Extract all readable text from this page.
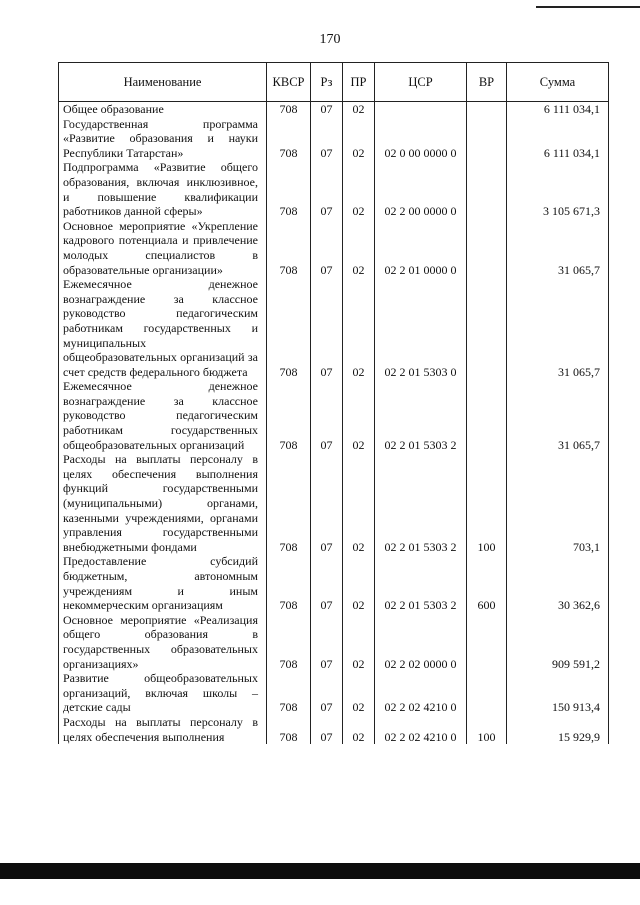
170
Наименование	КВСР	Рз	ПР	ЦСР	ВР	Сумма
Общее образование	708	07	02			6 111 034,1
Государственная программа «Развитие образования и науки Республики Татарстан»	708	07	02	02 0 00 0000 0		6 111 034,1
Подпрограмма «Развитие общего образования, включая инклюзивное, и повышение квалификации работников данной сферы»	708	07	02	02 2 00 0000 0		3 105 671,3
Основное мероприятие «Укрепление кадрового потенциала и привлечение молодых специалистов в образовательные организации»	708	07	02	02 2 01 0000 0		31 065,7
Ежемесячное денежное вознаграждение за классное руководство педагогическим работникам государственных и муниципальных общеобразовательных организаций за счет средств федерального бюджета	708	07	02	02 2 01 5303 0		31 065,7
Ежемесячное денежное вознаграждение за классное руководство педагогическим работникам государственных общеобразовательных организаций	708	07	02	02 2 01 5303 2		31 065,7
Расходы на выплаты персоналу в целях обеспечения выполнения функций государственными (муниципальными) органами, казенными учреждениями, органами управления государственными внебюджетными фондами	708	07	02	02 2 01 5303 2	100	703,1
Предоставление субсидий бюджетным, автономным учреждениям и иным некоммерческим организациям	708	07	02	02 2 01 5303 2	600	30 362,6
Основное мероприятие «Реализация общего образования в государственных образовательных организациях»	708	07	02	02 2 02 0000 0		909 591,2
Развитие общеобразовательных организаций, включая школы – детские сады	708	07	02	02 2 02 4210 0		150 913,4
Расходы на выплаты персоналу в целях обеспечения выполнения	708	07	02	02 2 02 4210 0	100	15 929,9
